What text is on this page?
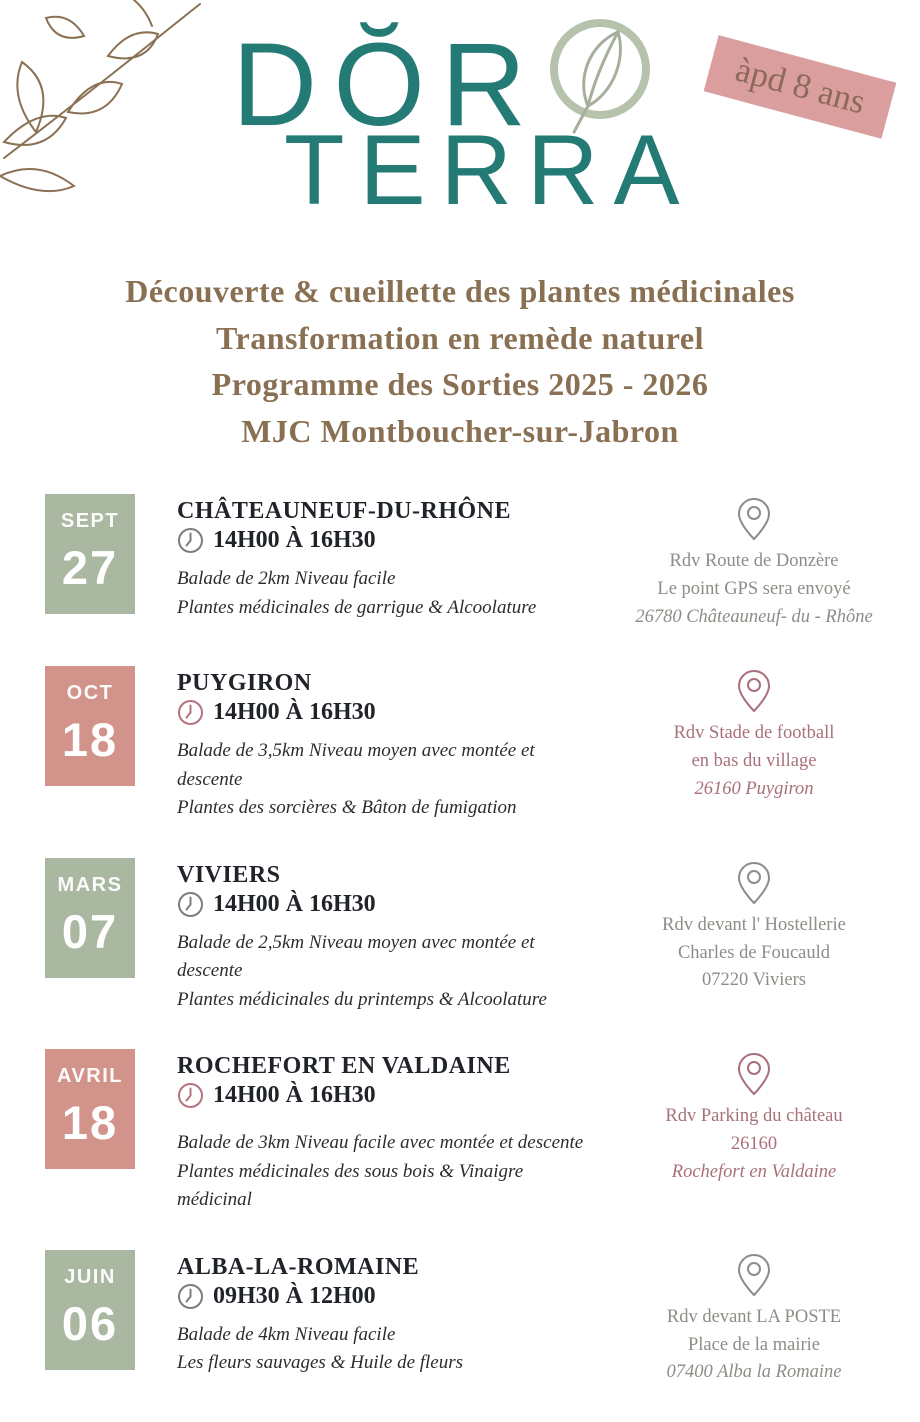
DŎR
TERRA
àpd 8 ans
Découverte & cueillette des plantes médicinales
Transformation en remède naturel
Programme des Sorties 2025 - 2026
MJC Montboucher-sur-Jabron
SEPT
27
CHÂTEAUNEUF-DU-RHÔNE
14H00 À 16H30
Balade de 2km Niveau facile
Plantes médicinales de garrigue & Alcoolature
Rdv Route de Donzère
Le point GPS sera envoyé
26780 Châteauneuf- du - Rhône
OCT
18
PUYGIRON
14H00 À 16H30
Balade de 3,5km Niveau moyen avec montée et descente
Plantes des sorcières & Bâton de fumigation
Rdv Stade de football
en bas du village
26160 Puygiron
MARS
07
VIVIERS
14H00 À 16H30
Balade de 2,5km Niveau moyen avec montée et descente
Plantes médicinales du printemps & Alcoolature
Rdv devant l' Hostellerie
Charles de Foucauld
07220 Viviers
AVRIL
18
ROCHEFORT EN VALDAINE
14H00 À 16H30
Balade de 3km Niveau facile avec montée et descente
Plantes médicinales des sous bois & Vinaigre médicinal
Rdv Parking du château
26160
Rochefort en Valdaine
JUIN
06
ALBA-LA-ROMAINE
09H30 À 12H00
Balade de 4km Niveau facile
Les fleurs sauvages & Huile de fleurs
Rdv devant LA POSTE
Place de la mairie
07400 Alba la Romaine
